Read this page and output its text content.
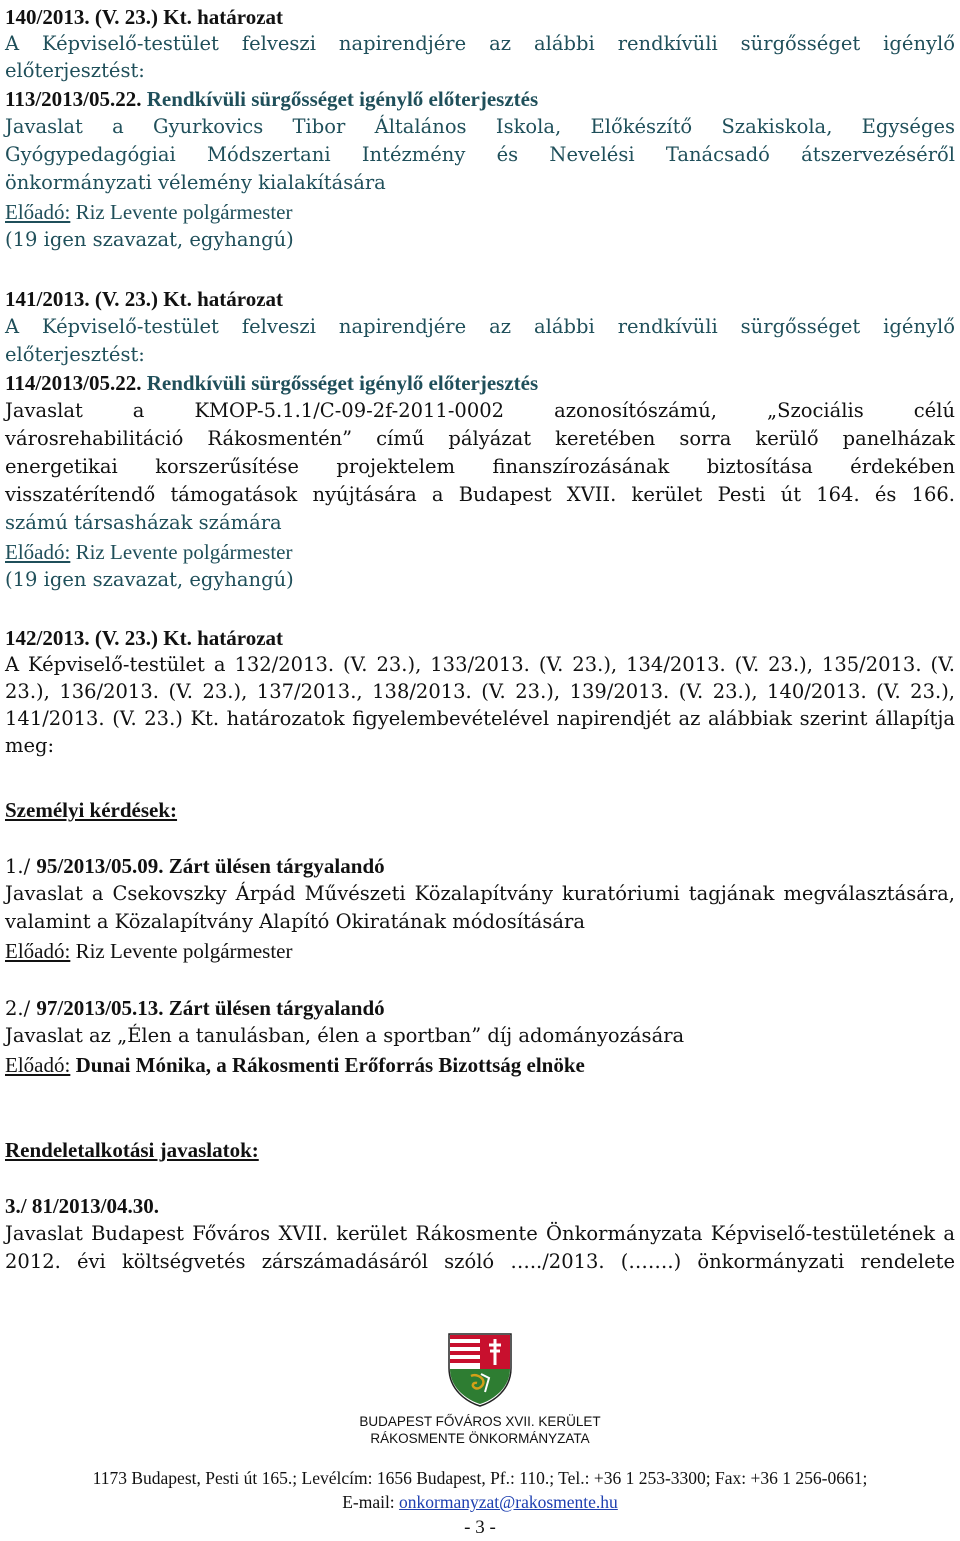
140/2013. (V. 23.) Kt. határozat
A Képviselő-testület felveszi napirendjére az alábbi rendkívüli sürgősséget igénylő
előterjesztést:
113/2013/05.22. Rendkívüli sürgősséget igénylő előterjesztés
Javaslat a Gyurkovics Tibor Általános Iskola, Előkészítő Szakiskola, Egységes
Gyógypedagógiai Módszertani Intézmény és Nevelési Tanácsadó átszervezéséről
önkormányzati vélemény kialakítására
Előadó: Riz Levente polgármester
(19 igen szavazat, egyhangú)
141/2013. (V. 23.) Kt. határozat
A Képviselő-testület felveszi napirendjére az alábbi rendkívüli sürgősséget igénylő
előterjesztést:
114/2013/05.22. Rendkívüli sürgősséget igénylő előterjesztés
Javaslat a KMOP-5.1.1/C-09-2f-2011-0002 azonosítószámú, „Szociális célú
városrehabilitáció Rákosmentén” című pályázat keretében sorra kerülő panelházak
energetikai korszerűsítése projektelem finanszírozásának biztosítása érdekében
visszatérítendő támogatások nyújtására a Budapest XVII. kerület Pesti út 164. és 166.
számú társasházak számára
Előadó: Riz Levente polgármester
(19 igen szavazat, egyhangú)
142/2013. (V. 23.) Kt. határozat
A Képviselő-testület a 132/2013. (V. 23.), 133/2013. (V. 23.), 134/2013. (V. 23.), 135/2013. (V.
23.), 136/2013. (V. 23.), 137/2013., 138/2013. (V. 23.), 139/2013. (V. 23.), 140/2013. (V. 23.),
141/2013. (V. 23.) Kt. határozatok figyelembevételével napirendjét az alábbiak szerint állapítja
meg:
Személyi kérdések:
1./ 95/2013/05.09. Zárt ülésen tárgyalandó
Javaslat a Csekovszky Árpád Művészeti Közalapítvány kuratóriumi tagjának megválasztására,
valamint a Közalapítvány Alapító Okiratának módosítására
Előadó: Riz Levente polgármester
2./ 97/2013/05.13. Zárt ülésen tárgyalandó
Javaslat az „Élen a tanulásban, élen a sportban” díj adományozására
Előadó: Dunai Mónika, a Rákosmenti Erőforrás Bizottság elnöke
Rendeletalkotási javaslatok:
3./ 81/2013/04.30.
Javaslat Budapest Főváros XVII. kerület Rákosmente Önkormányzata Képviselő-testületének a
2012. évi költségvetés zárszámadásáról szóló …../2013. (…….) önkormányzati rendelete
BUDAPEST FŐVÁROS XVII. KERÜLET
RÁKOSMENTE ÖNKORMÁNYZATA
1173 Budapest, Pesti út 165.; Levélcím: 1656 Budapest, Pf.: 110.; Tel.: +36 1 253-3300; Fax: +36 1 256-0661;
E-mail: onkormanyzat@rakosmente.hu
- 3 -
